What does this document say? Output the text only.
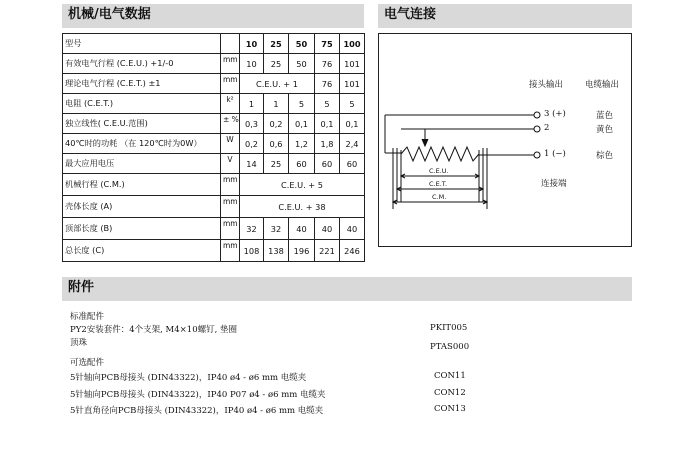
机械/电气数据	电气连接
附件
型号		10	25	50	75	100
有效电气行程 (C.E.U.) +1/-0	mm	10	25	50	76	101
理论电气行程 (C.E.T.) ±1	mm	C.E.U. + 1			76	101
电阻 (C.E.T.)	k²	1	1	5	5	5
独立线性( C.E.U.范围)	± %	0,3	0,2	0,1	0,1	0,1
40℃时的功耗 （在 120℃时为0W）	W	0,2	0,6	1,2	1,8	2,4
最大应用电压	V	14	25	60	60	60
机械行程 (C.M.)	mm	C.E.U. + 5				
壳体长度 (A)	mm	C.E.U. + 38				
顶部长度 (B)	mm	32	32	40	40	40
总长度 (C)	mm	108	138	196	221	246
接头输出	电缆输出
3 (+)	蓝色
2	黄色
1 (−)	棕色
连接端
C.E.U.
C.E.T.
C.M.
标准配件
PY2安装套件：4个支架, M4×10螺钉, 垫圈	PKIT005
顶珠	PTAS000
可选配件
5针轴向PCB母接头 (DIN43322)，IP40 ø4 - ø6 mm 电缆夹	CON11
5针轴向PCB母接头 (DIN43322)，IP40 P07 ø4 - ø6 mm 电缆夹	CON12
5针直角径向PCB母接头 (DIN43322)，IP40 ø4 - ø6 mm 电缆夹	CON13
